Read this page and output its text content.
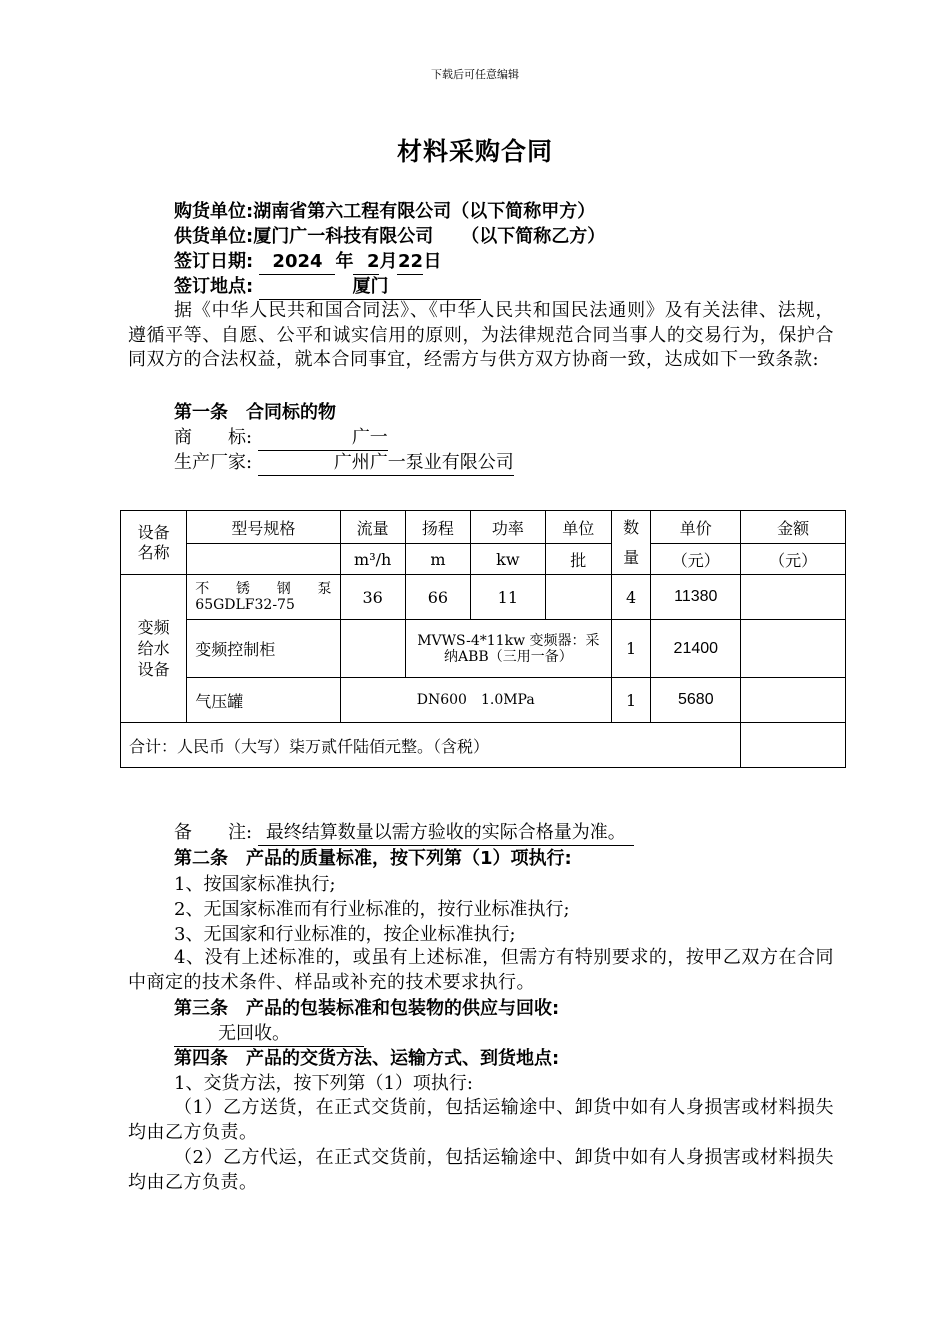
下载后可任意编辑
材料采购合同
购货单位:湖南省第六工程有限公司（以下简称甲方）
供货单位:厦门广一科技有限公司 （以下简称乙方）
签订日期: 2024 年 2月22日
签订地点:	厦门
据《中华人民共和国合同法》、《中华人民共和国民法通则》及有关法律、法规，遵循平等、自愿、公平和诚实信用的原则，为法律规范合同当事人的交易行为，保护合同双方的合法权益，就本合同事宜，经需方与供方双方协商一致，达成如下一致条款:
第一条　合同标的物
商　　标:	广一
生产厂家:	广州广一泵业有限公司
设备名称	型号规格	流量	扬程	功率	单位	数量	单价	金额
		m³/h	m	kw	批		（元）	（元）

变频给水设备	不锈钢泵 65GDLF32-75	36	66	11		4	11380	
	变频控制柜		MVWS-4*11kw 变频器：采纳ABB（三用一备）			1	21400	
	气压罐	DN600　1.0MPa				1	5680	
合计：人民币（大写）柒万贰仟陆佰元整。（含税）								
备　　注: 最终结算数量以需方验收的实际合格量为准。
第二条　产品的质量标准，按下列第（1）项执行:
1、按国家标准执行;
2、无国家标准而有行业标准的，按行业标准执行;
3、无国家和行业标准的，按企业标准执行;
4、没有上述标准的，或虽有上述标准，但需方有特别要求的，按甲乙双方在合同中商定的技术条件、样品或补充的技术要求执行。
第三条　产品的包装标准和包装物的供应与回收:
无回收。
第四条　产品的交货方法、运输方式、到货地点:
1、交货方法，按下列第（1）项执行:
（1）乙方送货，在正式交货前，包括运输途中、卸货中如有人身损害或材料损失均由乙方负责。
（2）乙方代运，在正式交货前，包括运输途中、卸货中如有人身损害或材料损失均由乙方负责。
